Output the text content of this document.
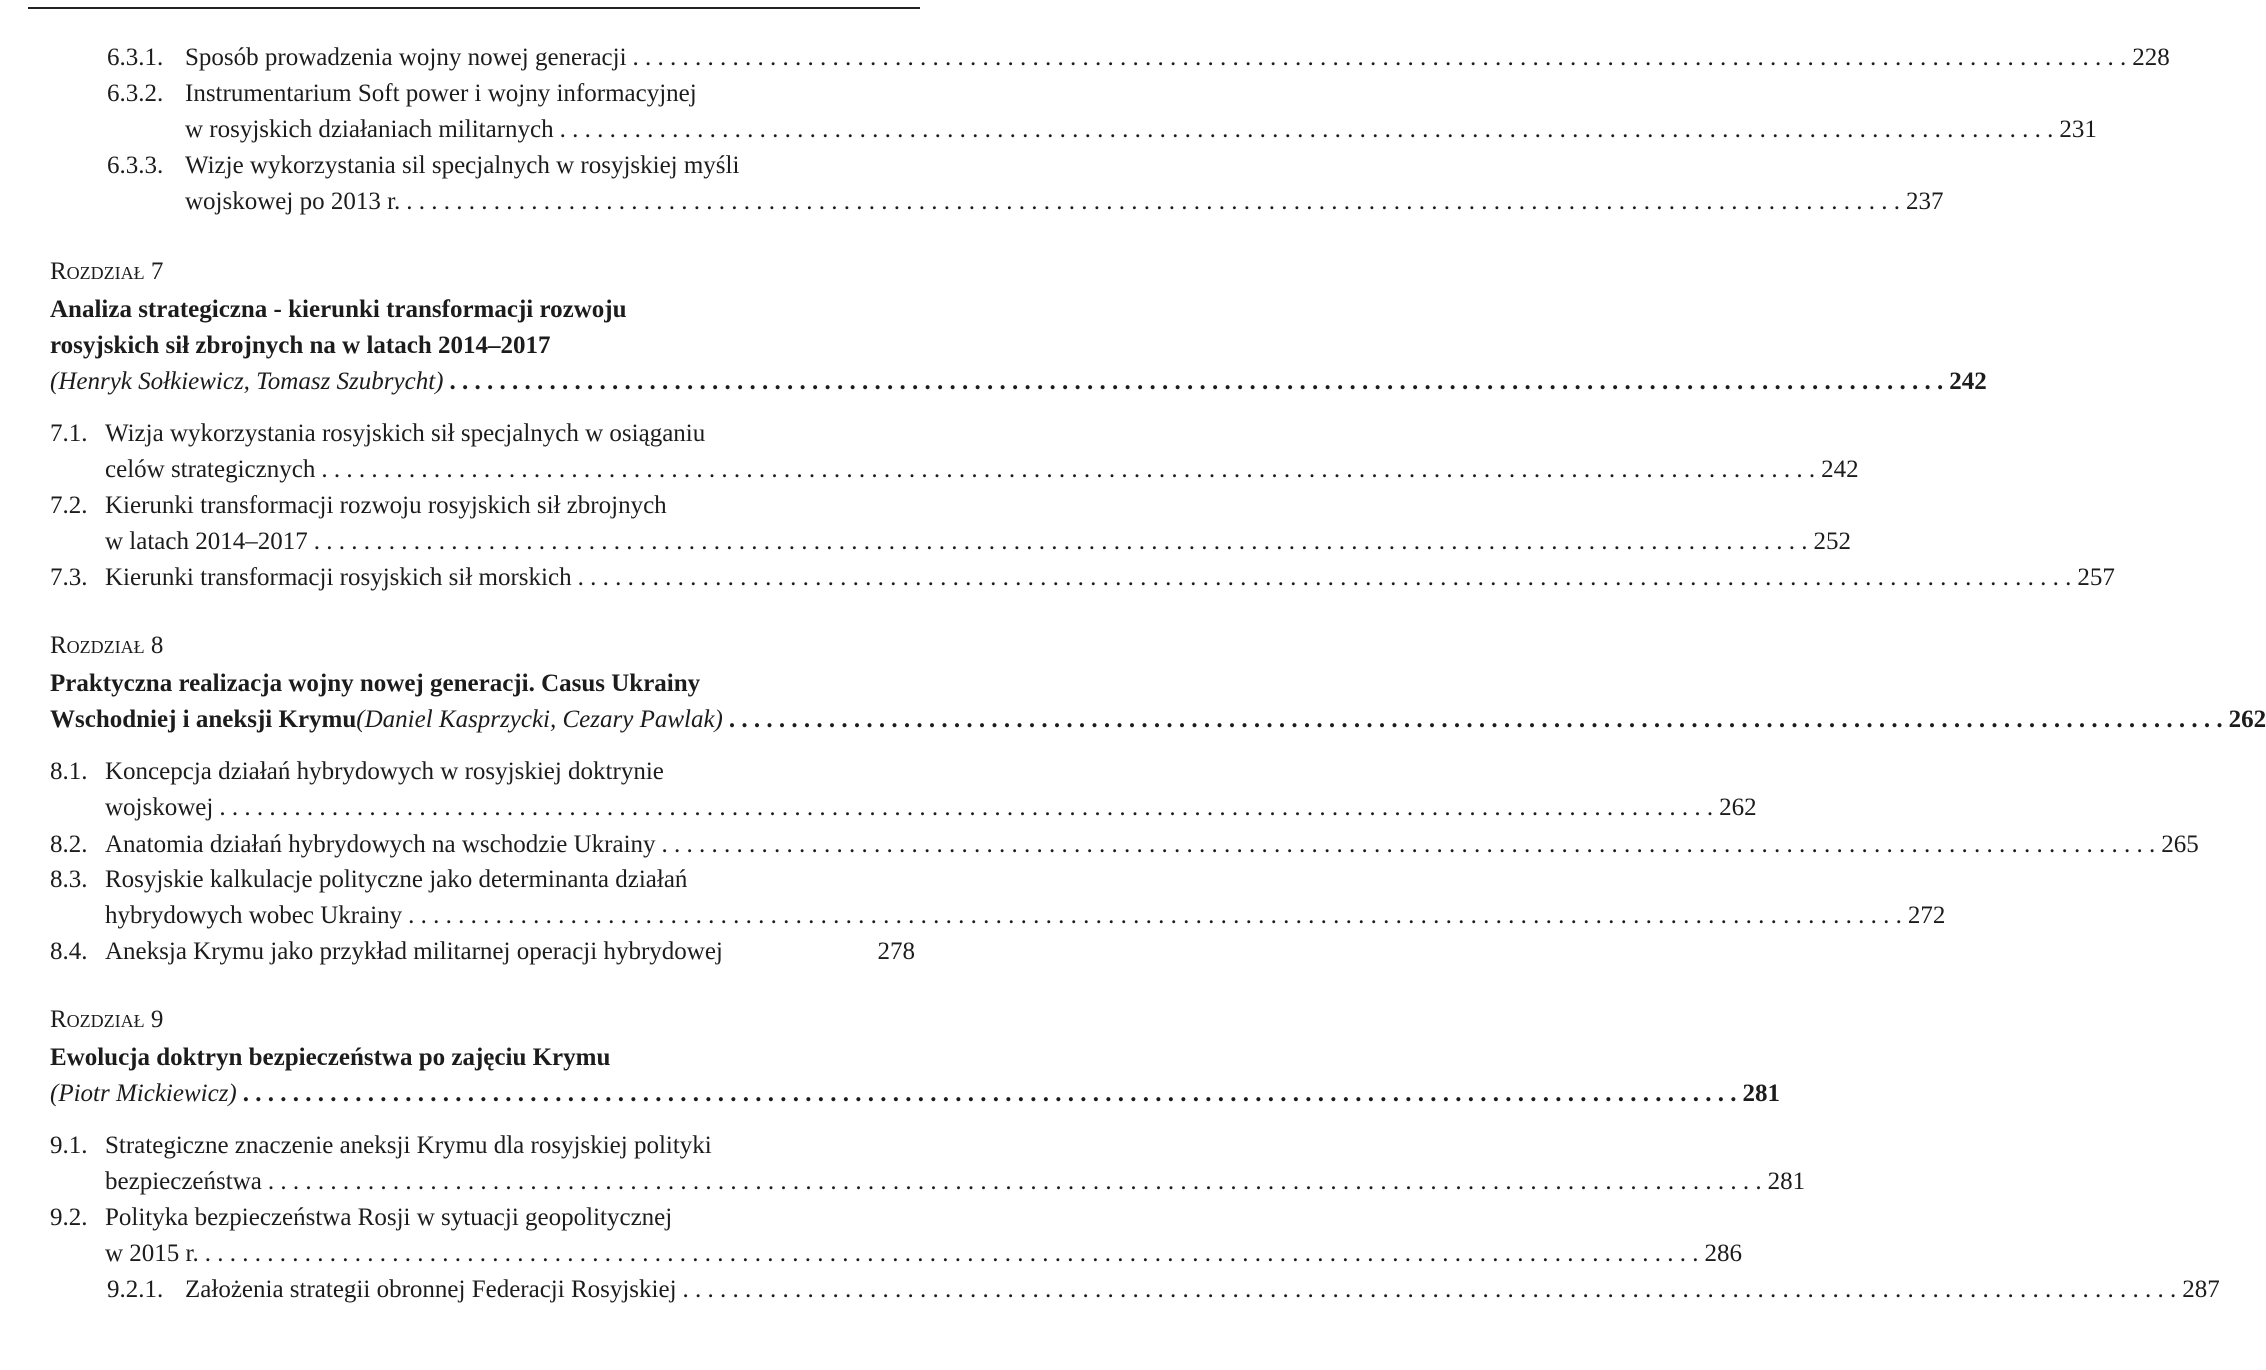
6.3.1. Sposób prowadzenia wojny nowej generacji . . . . . . . . . . . . . . . . . . . . . . . . . . . . . . . . . . . . . . . . . . . . . . . . . . . . . . . . . . . . . . . . . . . . . . . . . . . . . . . . . . . . . . . . . . . . . . . . . . . . . . . . . . . . . . . . . . . . . . . . 228
6.3.2. Instrumentarium Soft power i wojny informacyjnej
w rosyjskich działaniach militarnych . . . . . . . . . . . . . . . . . . . . . . . . . . . . . . . . . . . . . . . . . . . . . . . . . . . . . . . . . . . . . . . . . . . . . . . . . . . . . . . . . . . . . . . . . . . . . . . . . . . . . . . . . . . . . . . . . . . . . . . . 231
6.3.3. Wizje wykorzystania sil specjalnych w rosyjskiej myśli
wojskowej po 2013 r. . . . . . . . . . . . . . . . . . . . . . . . . . . . . . . . . . . . . . . . . . . . . . . . . . . . . . . . . . . . . . . . . . . . . . . . . . . . . . . . . . . . . . . . . . . . . . . . . . . . . . . . . . . . . . . . . . . . . . . . . 237
Rozdział 7
Analiza strategiczna - kierunki transformacji rozwoju
rosyjskich sił zbrojnych na w latach 2014–2017
(Henryk Sołkiewicz, Tomasz Szubrycht) . . . . . . . . . . . . . . . . . . . . . . . . . . . . . . . . . . . . . . . . . . . . . . . . . . . . . . . . . . . . . . . . . . . . . . . . . . . . . . . . . . . . . . . . . . . . . . . . . . . . . . . . . . . . . . . . . . . . . . . . 242
7.1. Wizja wykorzystania rosyjskich sił specjalnych w osiąganiu
celów strategicznych . . . . . . . . . . . . . . . . . . . . . . . . . . . . . . . . . . . . . . . . . . . . . . . . . . . . . . . . . . . . . . . . . . . . . . . . . . . . . . . . . . . . . . . . . . . . . . . . . . . . . . . . . . . . . . . . . . . . . . . . 242
7.2. Kierunki transformacji rozwoju rosyjskich sił zbrojnych
w latach 2014–2017 . . . . . . . . . . . . . . . . . . . . . . . . . . . . . . . . . . . . . . . . . . . . . . . . . . . . . . . . . . . . . . . . . . . . . . . . . . . . . . . . . . . . . . . . . . . . . . . . . . . . . . . . . . . . . . . . . . . . . . . . 252
7.3. Kierunki transformacji rosyjskich sił morskich . . . . . . . . . . . . . . . . . . . . . . . . . . . . . . . . . . . . . . . . . . . . . . . . . . . . . . . . . . . . . . . . . . . . . . . . . . . . . . . . . . . . . . . . . . . . . . . . . . . . . . . . . . . . . . . . . . . . . . . . 257
Rozdział 8
Praktyczna realizacja wojny nowej generacji. Casus Ukrainy
Wschodniej i aneksji Krymu (Daniel Kasprzycki, Cezary Pawlak) . . . . . . . . . . . . . . . . . . . . . . . . . . . . . . . . . . . . . . . . . . . . . . . . . . . . . . . . . . . . . . . . . . . . . . . . . . . . . . . . . . . . . . . . . . . . . . . . . . . . . . . . . . . . . . . . . . . . . . . . 262
8.1. Koncepcja działań hybrydowych w rosyjskiej doktrynie
wojskowej . . . . . . . . . . . . . . . . . . . . . . . . . . . . . . . . . . . . . . . . . . . . . . . . . . . . . . . . . . . . . . . . . . . . . . . . . . . . . . . . . . . . . . . . . . . . . . . . . . . . . . . . . . . . . . . . . . . . . . . . 262
8.2. Anatomia działań hybrydowych na wschodzie Ukrainy . . . . . . . . . . . . . . . . . . . . . . . . . . . . . . . . . . . . . . . . . . . . . . . . . . . . . . . . . . . . . . . . . . . . . . . . . . . . . . . . . . . . . . . . . . . . . . . . . . . . . . . . . . . . . . . . . . . . . . . . 265
8.3. Rosyjskie kalkulacje polityczne jako determinanta działań
hybrydowych wobec Ukrainy . . . . . . . . . . . . . . . . . . . . . . . . . . . . . . . . . . . . . . . . . . . . . . . . . . . . . . . . . . . . . . . . . . . . . . . . . . . . . . . . . . . . . . . . . . . . . . . . . . . . . . . . . . . . . . . . . . . . . . . . 272
8.4. Aneksja Krymu jako przykład militarnej operacji hybrydowej	278
Rozdział 9
Ewolucja doktryn bezpieczeństwa po zajęciu Krymu
(Piotr Mickiewicz) . . . . . . . . . . . . . . . . . . . . . . . . . . . . . . . . . . . . . . . . . . . . . . . . . . . . . . . . . . . . . . . . . . . . . . . . . . . . . . . . . . . . . . . . . . . . . . . . . . . . . . . . . . . . . . . . . . . . . . . . 281
9.1. Strategiczne znaczenie aneksji Krymu dla rosyjskiej polityki
bezpieczeństwa . . . . . . . . . . . . . . . . . . . . . . . . . . . . . . . . . . . . . . . . . . . . . . . . . . . . . . . . . . . . . . . . . . . . . . . . . . . . . . . . . . . . . . . . . . . . . . . . . . . . . . . . . . . . . . . . . . . . . . . . 281
9.2. Polityka bezpieczeństwa Rosji w sytuacji geopolitycznej
w 2015 r. . . . . . . . . . . . . . . . . . . . . . . . . . . . . . . . . . . . . . . . . . . . . . . . . . . . . . . . . . . . . . . . . . . . . . . . . . . . . . . . . . . . . . . . . . . . . . . . . . . . . . . . . . . . . . . . . . . . . . . . . 286
9.2.1. Założenia strategii obronnej Federacji Rosyjskiej . . . . . . . . . . . . . . . . . . . . . . . . . . . . . . . . . . . . . . . . . . . . . . . . . . . . . . . . . . . . . . . . . . . . . . . . . . . . . . . . . . . . . . . . . . . . . . . . . . . . . . . . . . . . . . . . . . . . . . . . 287
